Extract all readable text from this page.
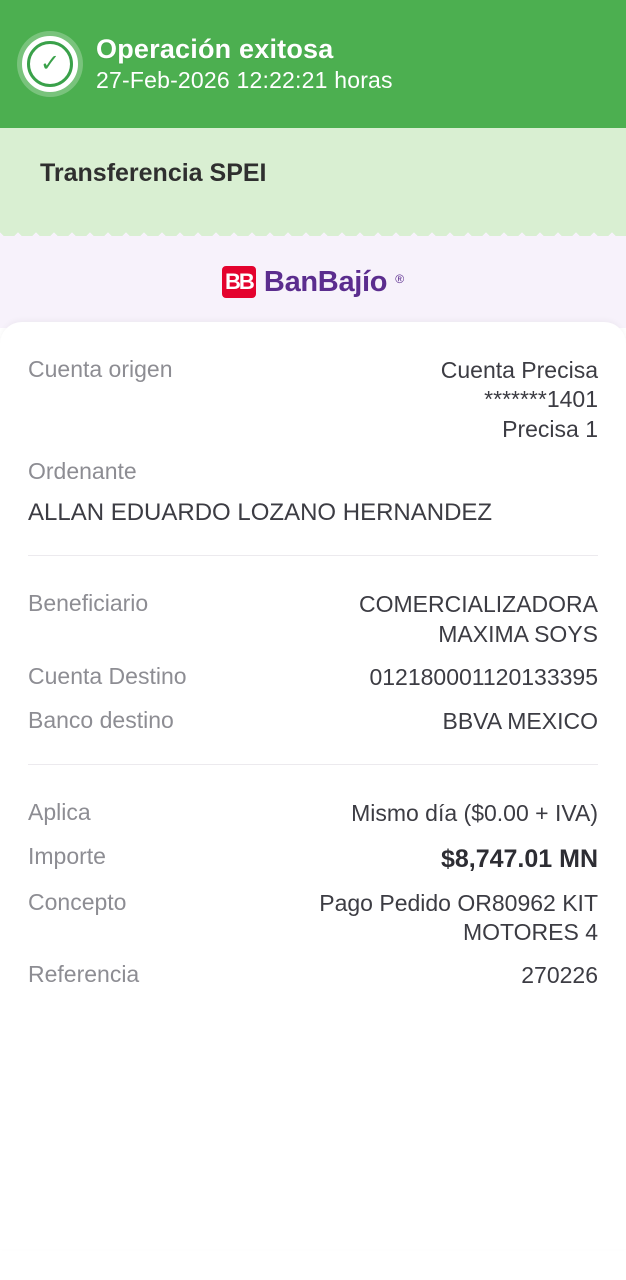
✓	Operación exitosa
27-Feb-2026 12:22:21 horas
Transferencia SPEI
BB BanBajío ®
Cuenta origen	Cuenta Precisa
*******1401
Precisa 1
Ordenante
ALLAN EDUARDO LOZANO HERNANDEZ
Beneficiario	COMERCIALIZADORA
MAXIMA SOYS
Cuenta Destino	012180001120133395
Banco destino	BBVA MEXICO
Aplica	Mismo día ($0.00 + IVA)
Importe	$8,747.01 MN
Concepto	Pago Pedido OR80962 KIT
MOTORES 4
Referencia	270226
